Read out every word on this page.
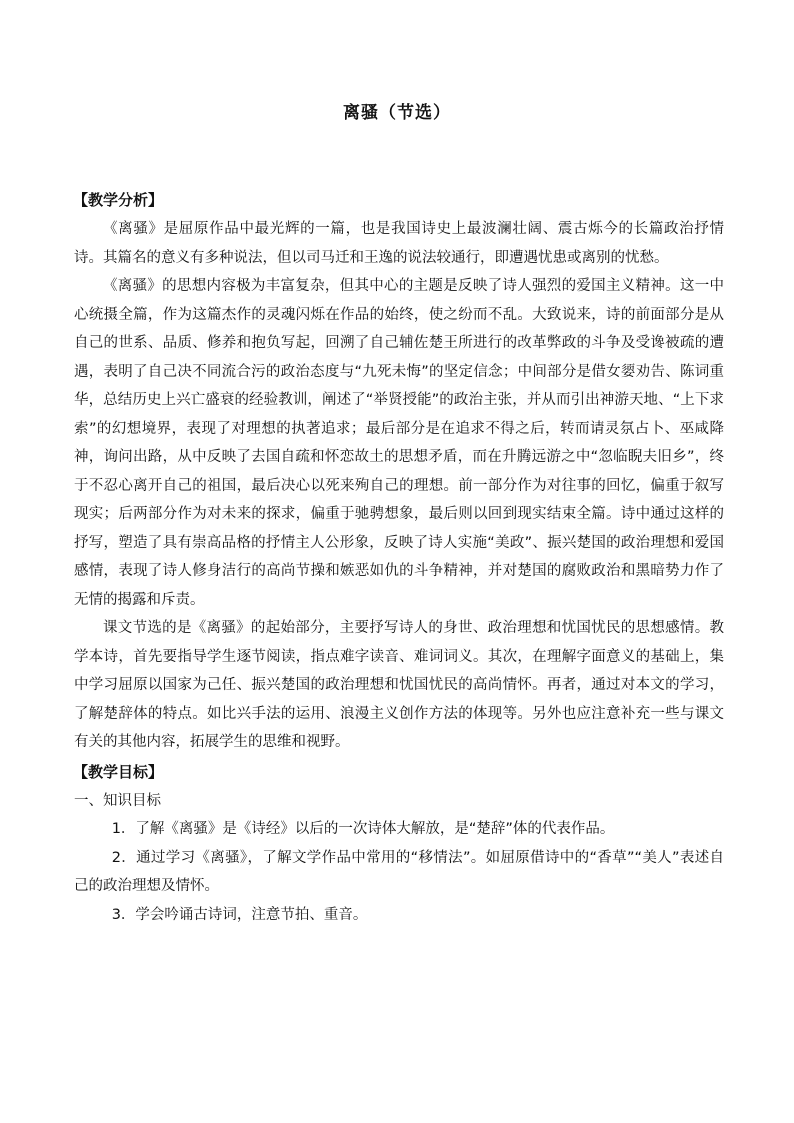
离骚（节选）

【教学分析】

《离骚》是屈原作品中最光辉的一篇，也是我国诗史上最波澜壮阔、震古烁今的长篇政治抒情诗。其篇名的意义有多种说法，但以司马迁和王逸的说法较通行，即遭遇忧患或离别的忧愁。

《离骚》的思想内容极为丰富复杂，但其中心的主题是反映了诗人强烈的爱国主义精神。这一中心统摄全篇，作为这篇杰作的灵魂闪烁在作品的始终，使之纷而不乱。大致说来，诗的前面部分是从自己的世系、品质、修养和抱负写起，回溯了自己辅佐楚王所进行的改革弊政的斗争及受谗被疏的遭遇，表明了自己决不同流合污的政治态度与“九死未悔”的坚定信念；中间部分是借女媭劝告、陈词重华，总结历史上兴亡盛衰的经验教训，阐述了“举贤授能”的政治主张，并从而引出神游天地、“上下求索”的幻想境界，表现了对理想的执著追求；最后部分是在追求不得之后，转而请灵氛占卜、巫咸降神，询问出路，从中反映了去国自疏和怀恋故土的思想矛盾，而在升腾远游之中“忽临睨夫旧乡”，终于不忍心离开自己的祖国，最后决心以死来殉自己的理想。前一部分作为对往事的回忆，偏重于叙写现实；后两部分作为对未来的探求，偏重于驰骋想象，最后则以回到现实结束全篇。诗中通过这样的抒写，塑造了具有崇高品格的抒情主人公形象，反映了诗人实施“美政”、振兴楚国的政治理想和爱国感情，表现了诗人修身洁行的高尚节操和嫉恶如仇的斗争精神，并对楚国的腐败政治和黑暗势力作了无情的揭露和斥责。

课文节选的是《离骚》的起始部分，主要抒写诗人的身世、政治理想和忧国忧民的思想感情。教学本诗，首先要指导学生逐节阅读，指点难字读音、难词词义。其次，在理解字面意义的基础上，集中学习屈原以国家为己任、振兴楚国的政治理想和忧国忧民的高尚情怀。再者，通过对本文的学习，了解楚辞体的特点。如比兴手法的运用、浪漫主义创作方法的体现等。另外也应注意补充一些与课文有关的其他内容，拓展学生的思维和视野。

【教学目标】

一、知识目标

1．了解《离骚》是《诗经》以后的一次诗体大解放，是“楚辞”体的代表作品。

2．通过学习《离骚》，了解文学作品中常用的“移情法”。如屈原借诗中的“香草”“美人”表述自己的政治理想及情怀。

3．学会吟诵古诗词，注意节拍、重音。
